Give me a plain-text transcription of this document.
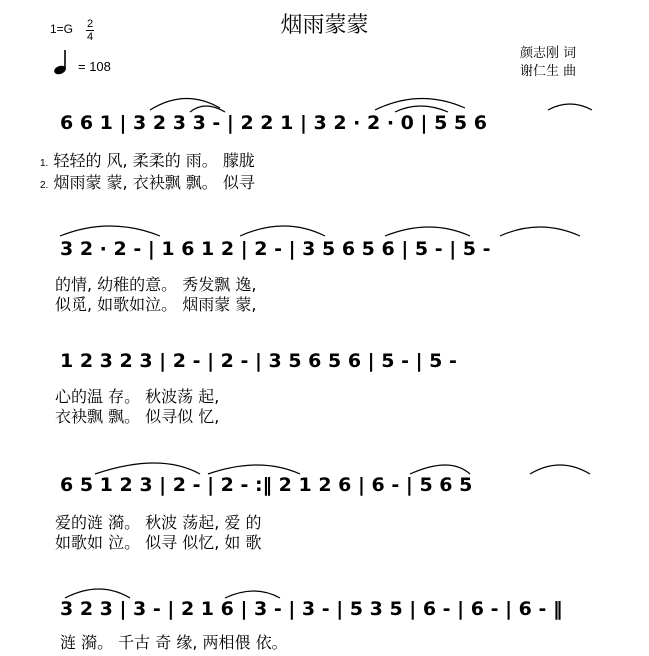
烟雨蒙蒙
1=G 2
4
= 108
颜志刚 词
谢仁生 曲
6 6 1 | 3 2 3 3 - | 2 2 1 | 3 2 · 2 · 0 | 5 5 6
1. 轻轻的 风, 柔柔的 雨。 朦胧
2. 烟雨蒙 蒙, 衣袂飘 飘。 似寻
3 2 · 2 - | 1 6 1 2 | 2 - | 3 5 6 5 6 | 5 - | 5 -
的情, 幼稚的意。 秀发飘 逸,
似觅, 如歌如泣。 烟雨蒙 蒙,
1 2 3 2 3 | 2 - | 2 - | 3 5 6 5 6 | 5 - | 5 -
心的温 存。 秋波荡 起,
衣袂飘 飘。 似寻似 忆,
6 5 1 2 3 | 2 - | 2 - :‖ 2 1 2 6 | 6 - | 5 6 5
爱的涟 漪。 秋波 荡起, 爱 的
如歌如 泣。 似寻 似忆, 如 歌
3 2 3 | 3 - | 2 1 6 | 3 - | 3 - | 5 3 5 | 6 - | 6 - | 6 - ‖
涟 漪。 千古 奇 缘, 两相偎 依。
